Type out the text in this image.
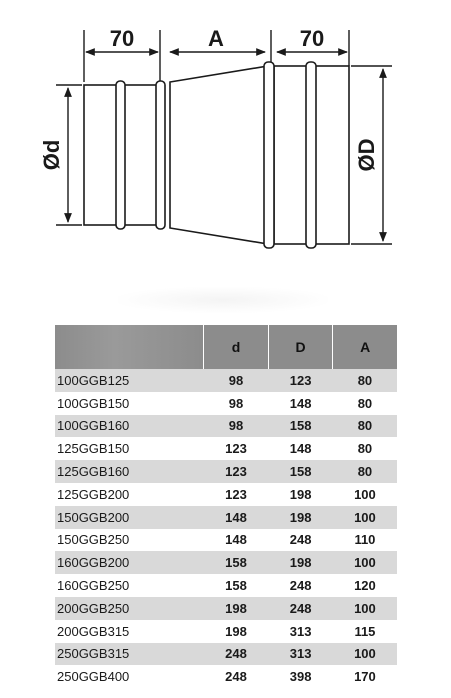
70	A	70
Ød	ØD
	d	D	A
100GGB125	98	123	80
100GGB150	98	148	80
100GGB160	98	158	80
125GGB150	123	148	80
125GGB160	123	158	80
125GGB200	123	198	100
150GGB200	148	198	100
150GGB250	148	248	110
160GGB200	158	198	100
160GGB250	158	248	120
200GGB250	198	248	100
200GGB315	198	313	115
250GGB315	248	313	100
250GGB400	248	398	170
